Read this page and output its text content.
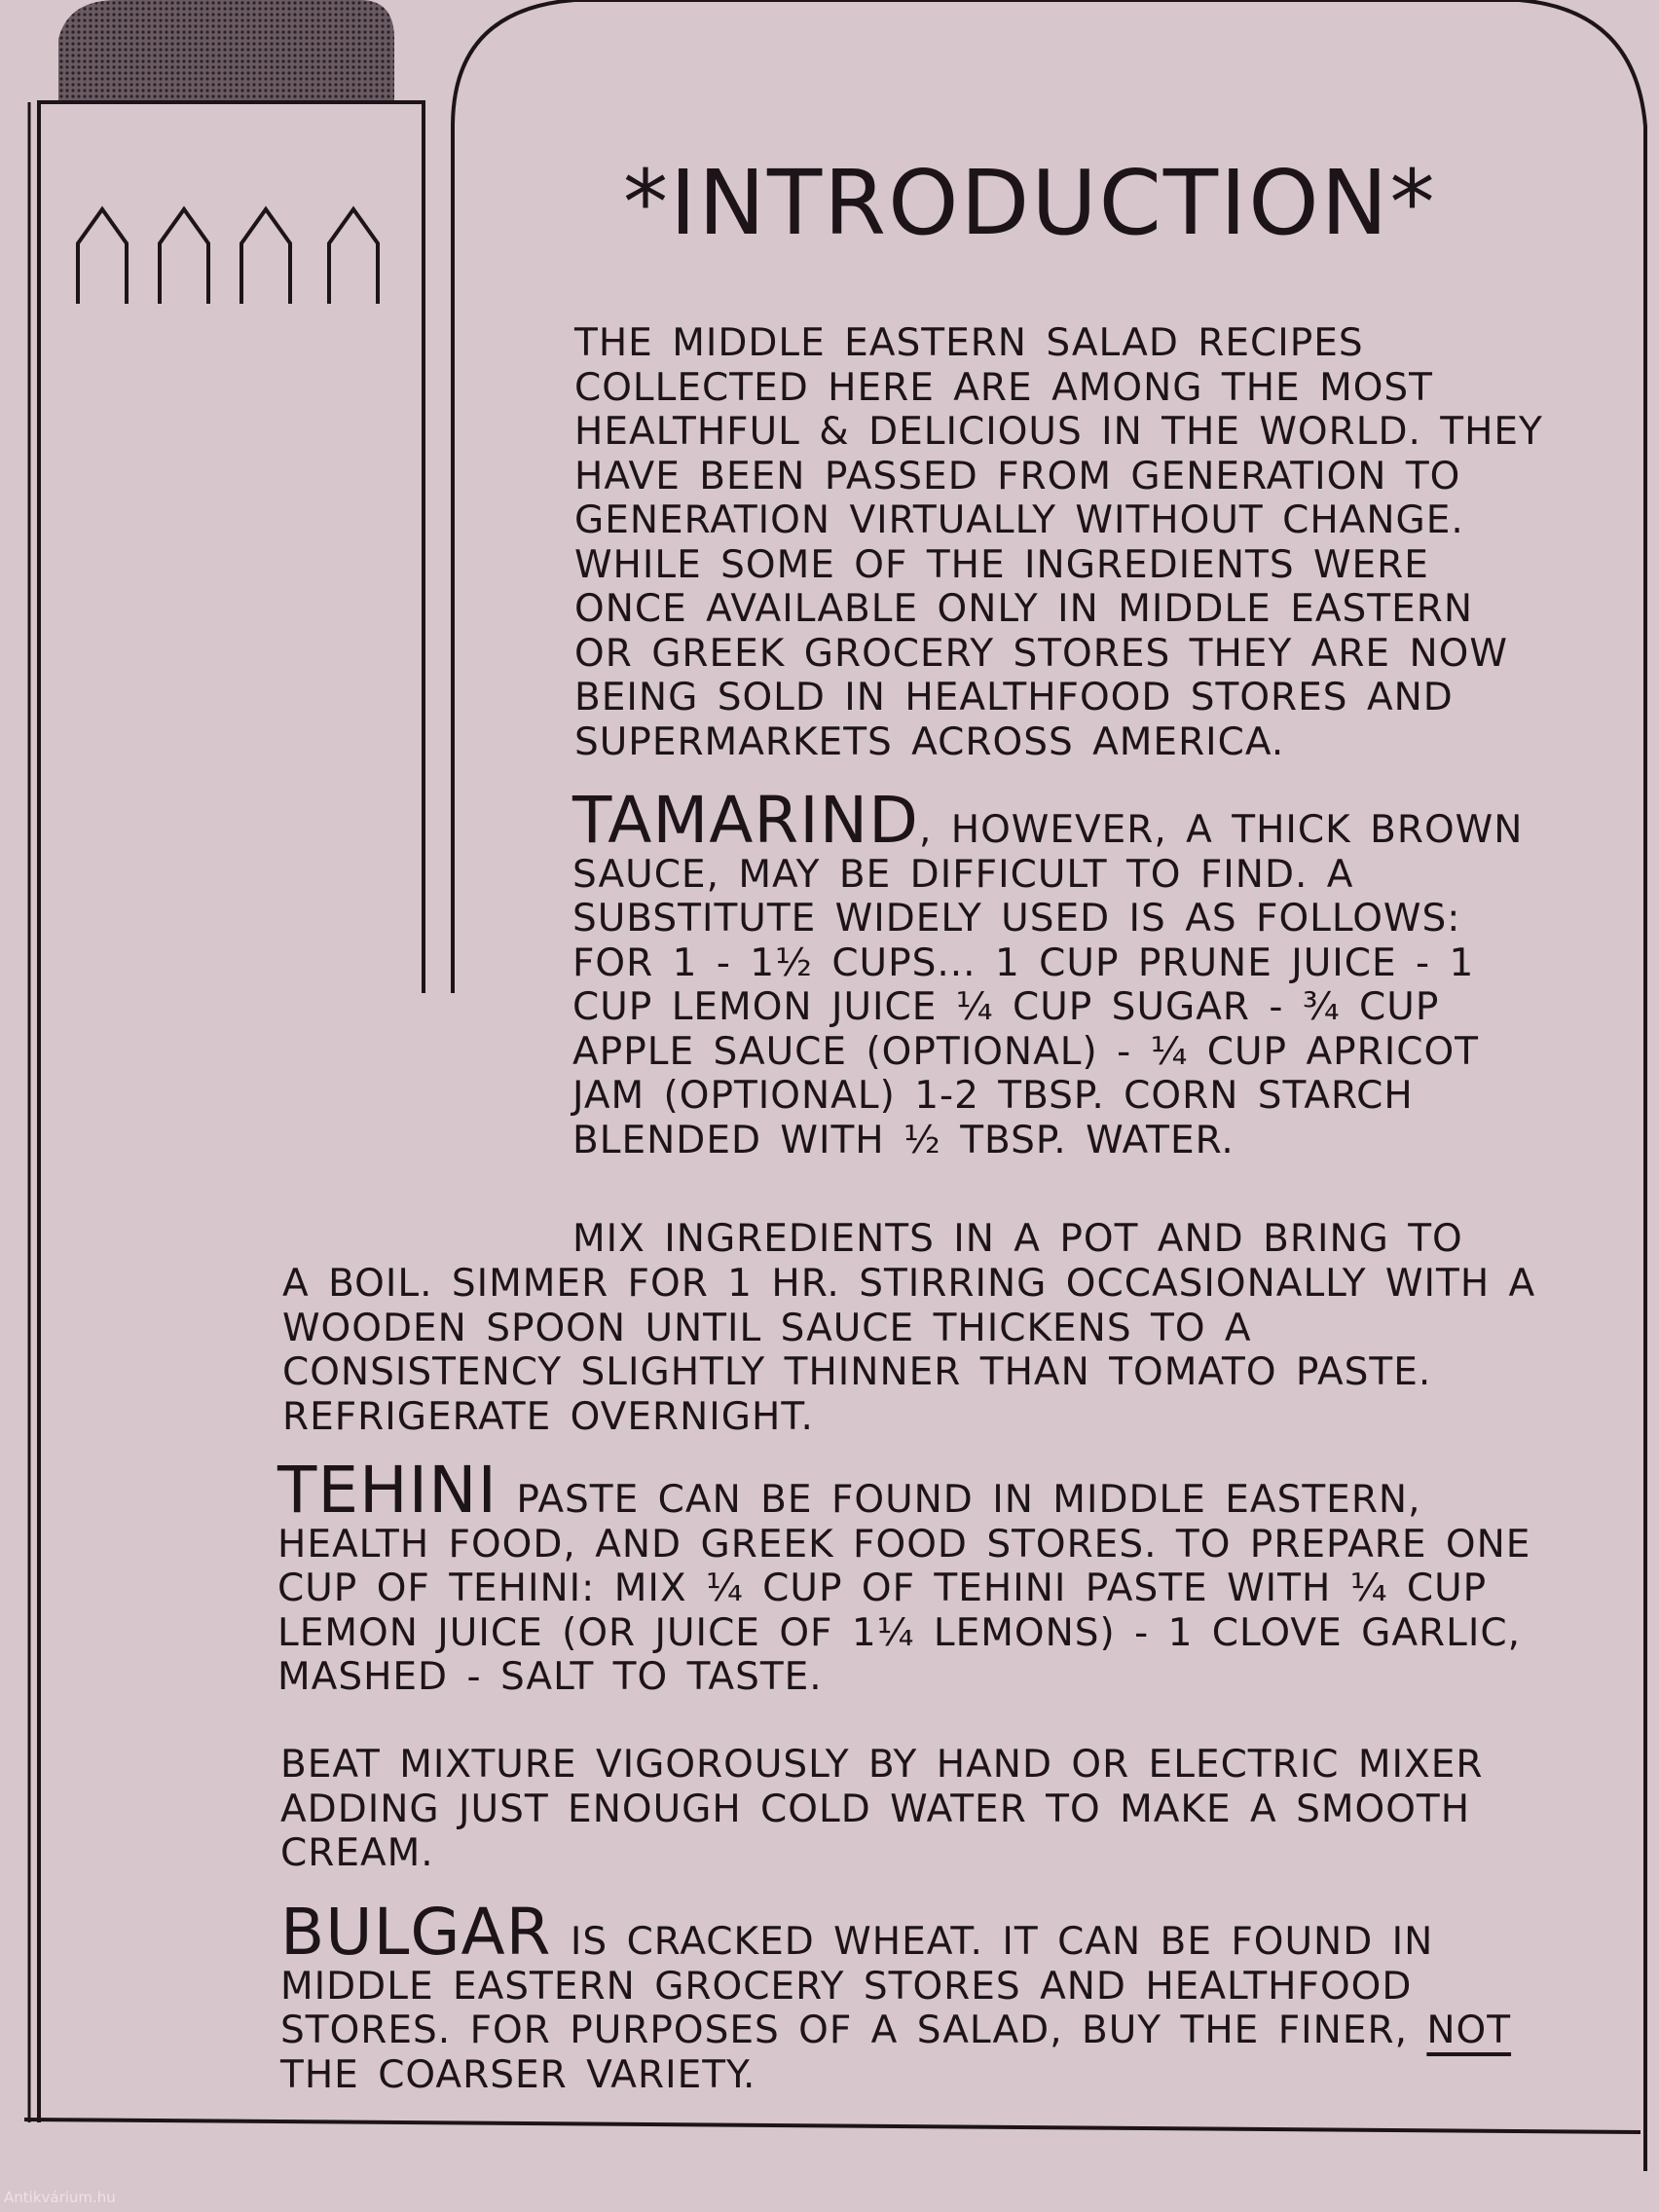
*INTRODUCTION*

THE MIDDLE EASTERN SALAD RECIPES COLLECTED HERE ARE AMONG THE MOST HEALTHFUL & DELICIOUS IN THE WORLD. THEY HAVE BEEN PASSED FROM GENERATION TO GENERATION VIRTUALLY WITHOUT CHANGE. WHILE SOME OF THE INGREDIENTS WERE ONCE AVAILABLE ONLY IN MIDDLE EASTERN OR GREEK GROCERY STORES THEY ARE NOW BEING SOLD IN HEALTHFOOD STORES AND SUPERMARKETS ACROSS AMERICA.

TAMARIND, HOWEVER, A THICK BROWN SAUCE, MAY BE DIFFICULT TO FIND. A SUBSTITUTE WIDELY USED IS AS FOLLOWS: FOR 1 - 1½ CUPS... 1 CUP PRUNE JUICE - 1 CUP LEMON JUICE ¼ CUP SUGAR - ¾ CUP APPLE SAUCE (OPTIONAL) - ¼ CUP APRICOT JAM (OPTIONAL) 1-2 TBSP. CORN STARCH BLENDED WITH ½ TBSP. WATER.

MIX INGREDIENTS IN A POT AND BRING TO

A BOIL. SIMMER FOR 1 HR. STIRRING OCCASIONALLY WITH A WOODEN SPOON UNTIL SAUCE THICKENS TO A CONSISTENCY SLIGHTLY THINNER THAN TOMATO PASTE. REFRIGERATE OVERNIGHT.

TEHINI PASTE CAN BE FOUND IN MIDDLE EASTERN, HEALTH FOOD, AND GREEK FOOD STORES. TO PREPARE ONE CUP OF TEHINI: MIX ¼ CUP OF TEHINI PASTE WITH ¼ CUP LEMON JUICE (OR JUICE OF 1¼ LEMONS) - 1 CLOVE GARLIC, MASHED - SALT TO TASTE.

BEAT MIXTURE VIGOROUSLY BY HAND OR ELECTRIC MIXER ADDING JUST ENOUGH COLD WATER TO MAKE A SMOOTH CREAM.

BULGAR IS CRACKED WHEAT. IT CAN BE FOUND IN MIDDLE EASTERN GROCERY STORES AND HEALTHFOOD STORES. FOR PURPOSES OF A SALAD, BUY THE FINER, NOT THE COARSER VARIETY.

Antikvárium.hu
